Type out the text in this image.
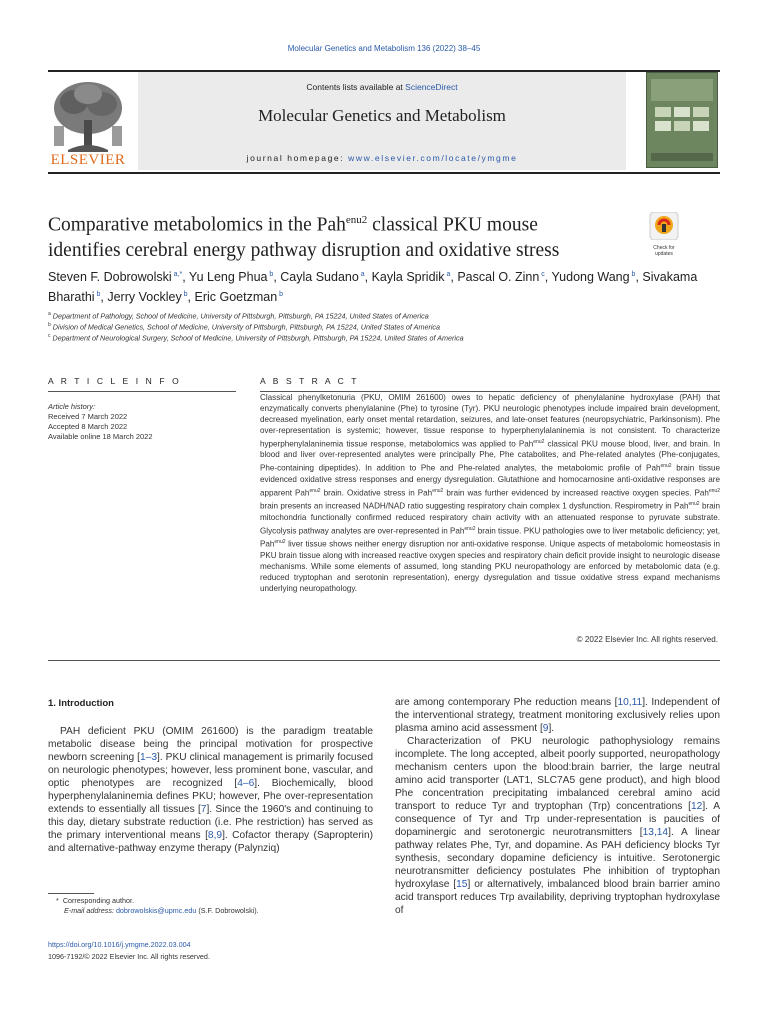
Molecular Genetics and Metabolism 136 (2022) 38–45
Contents lists available at ScienceDirect
Molecular Genetics and Metabolism
journal homepage: www.elsevier.com/locate/ymgme
ELSEVIER
Comparative metabolomics in the Pah$^{enu2}$ classical PKU mouse identifies cerebral energy pathway disruption and oxidative stress	Check for updates
Steven F. Dobrowolski $^{a,*}$, Yu Leng Phua $^b$, Cayla Sudano $^a$, Kayla Spridik $^a$, Pascal O. Zinn $^c$, Yudong Wang $^b$, Sivakama Bharathi $^b$, Jerry Vockley $^b$, Eric Goetzman $^b$
$^a$ Department of Pathology, School of Medicine, University of Pittsburgh, Pittsburgh, PA 15224, United States of America
$^b$ Division of Medical Genetics, School of Medicine, University of Pittsburgh, Pittsburgh, PA 15224, United States of America
$^c$ Department of Neurological Surgery, School of Medicine, University of Pittsburgh, Pittsburgh, PA 15224, United States of America
A R T I C L E I N F O
Article history:
Received 7 March 2022
Accepted 8 March 2022
Available online 18 March 2022
A B S T R A C T
Classical phenylketonuria (PKU, OMIM 261600) owes to hepatic deficiency of phenylalanine hydroxylase (PAH) that enzymatically converts phenylalanine (Phe) to tyrosine (Tyr). PKU neurologic phenotypes include impaired brain development, decreased myelination, early onset mental retardation, seizures, and late-onset features (neuropsychiatric, Parkinsonism). Phe over-representation is systemic; however, tissue response to hyperphenylalaninemia is not consistent. To characterize hyperphenylalaninemia tissue response, metabolomics was applied to Pah$^{enu2}$ classical PKU mouse blood, liver, and brain. In blood and liver over-represented analytes were principally Phe, Phe catabolites, and Phe-related analytes (Phe-conjugates, Phe-containing dipeptides). In addition to Phe and Phe-related analytes, the metabolomic profile of Pah$^{enu2}$ brain tissue evidenced oxidative stress responses and energy dysregulation. Glutathione and homocarnosine anti-oxidative responses are apparent Pah$^{enu2}$ brain. Oxidative stress in Pah$^{enu2}$ brain was further evidenced by increased reactive oxygen species. Pah$^{enu2}$ brain presents an increased NADH/NAD ratio suggesting respiratory chain complex 1 dysfunction. Respirometry in Pah$^{enu2}$ brain mitochondria functionally confirmed reduced respiratory chain activity with an attenuated response to pyruvate substrate. Glycolysis pathway analytes are over-represented in Pah$^{enu2}$ brain tissue. PKU pathologies owe to liver metabolic deficiency; yet, Pah$^{enu2}$ liver tissue shows neither energy disruption nor anti-oxidative response. Unique aspects of metabolomic homeostasis in PKU brain tissue along with increased reactive oxygen species and respiratory chain deficit provide insight to neurologic disease mechanisms. While some elements of assumed, long standing PKU neuropathology are enforced by metabolomic data (e.g. reduced tryptophan and serotonin representation), energy dysregulation and tissue oxidative stress expand mechanisms underlying neuropathology.
© 2022 Elsevier Inc. All rights reserved.
1. Introduction

PAH deficient PKU (OMIM 261600) is the paradigm treatable metabolic disease being the principal motivation for prospective newborn screening [1–3]. PKU clinical management is primarily focused on neurologic phenotypes; however, less prominent bone, vascular, and optic phenotypes are recognized [4–6]. Biochemically, blood hyperphenylalaninemia defines PKU; however, Phe over-representation extends to essentially all tissues [7]. Since the 1960's and continuing to this day, dietary substrate reduction (i.e. Phe restriction) has served as the primary interventional means [8,9]. Cofactor therapy (Sapropterin) and alternative-pathway enzyme therapy (Palynziq)

are among contemporary Phe reduction means [10,11]. Independent of the interventional strategy, treatment monitoring exclusively relies upon plasma amino acid assessment [9].

Characterization of PKU neurologic pathophysiology remains incomplete. The long accepted, albeit poorly supported, neuropathology mechanism centers upon the blood:brain barrier, the large neutral amino acid transporter (LAT1, SLC7A5 gene product), and high blood Phe concentration precipitating imbalanced cerebral amino acid transport to reduce Tyr and tryptophan (Trp) concentrations [12]. A consequence of Tyr and Trp under-representation is paucities of dopaminergic and serotonergic neurotransmitters [13,14]. A linear pathway relates Phe, Tyr, and dopamine. As PAH deficiency blocks Tyr synthesis, secondary dopamine deficiency is intuitive. Serotonergic neurotransmitter deficiency postulates Phe inhibition of tryptophan hydroxylase [15] or alternatively, imbalanced blood brain barrier amino acid transport reduces Trp availability, depriving tryptophan hydroxylase of

* Corresponding author.
E-mail address: dobrowolskis@upmc.edu (S.F. Dobrowolski).
https://doi.org/10.1016/j.ymgme.2022.03.004
1096-7192/© 2022 Elsevier Inc. All rights reserved.
